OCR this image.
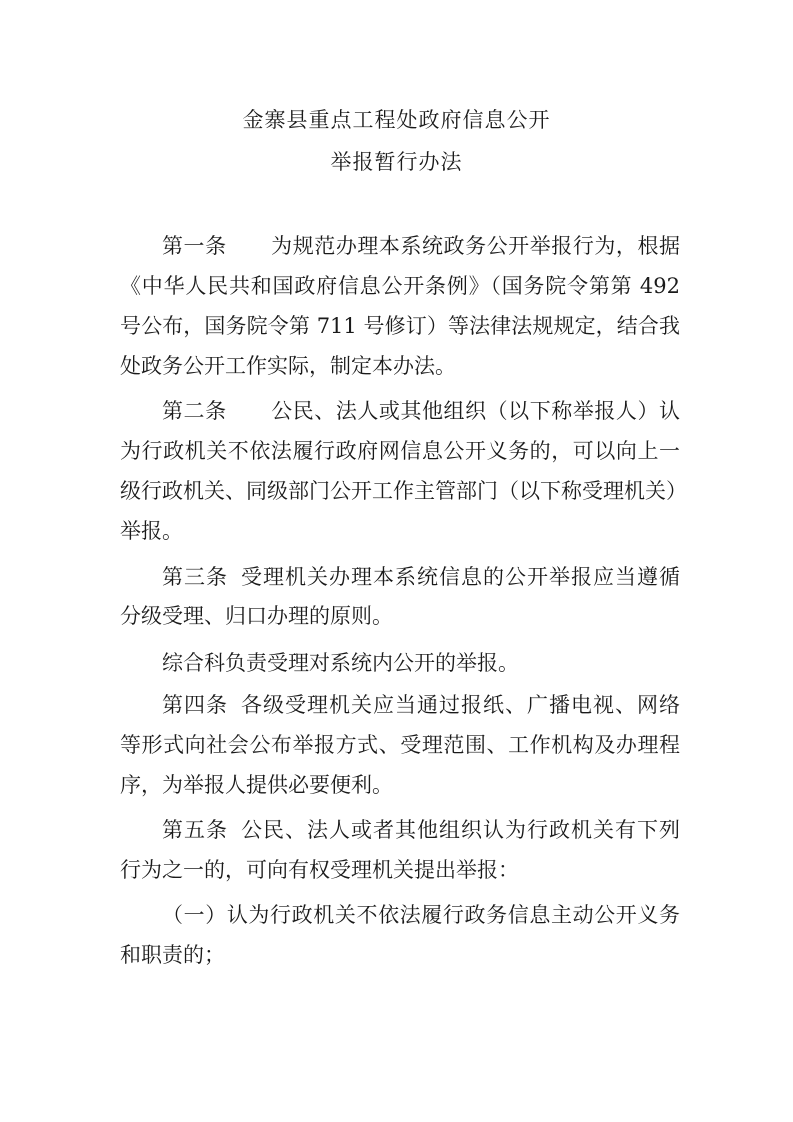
金寨县重点工程处政府信息公开
举报暂行办法
第一条 为规范办理本系统政务公开举报行为，根据
《中华人民共和国政府信息公开条例》（国务院令第第 492
号公布，国务院令第 711 号修订）等法律法规规定，结合我
处政务公开工作实际，制定本办法。
第二条 公民、法人或其他组织（以下称举报人）认
为行政机关不依法履行政府网信息公开义务的，可以向上一
级行政机关、同级部门公开工作主管部门（以下称受理机关）
举报。
第三条 受理机关办理本系统信息的公开举报应当遵循
分级受理、归口办理的原则。
综合科负责受理对系统内公开的举报。
第四条 各级受理机关应当通过报纸、广播电视、网络
等形式向社会公布举报方式、受理范围、工作机构及办理程
序，为举报人提供必要便利。
第五条 公民、法人或者其他组织认为行政机关有下列
行为之一的，可向有权受理机关提出举报：
（一）认为行政机关不依法履行政务信息主动公开义务
和职责的；
